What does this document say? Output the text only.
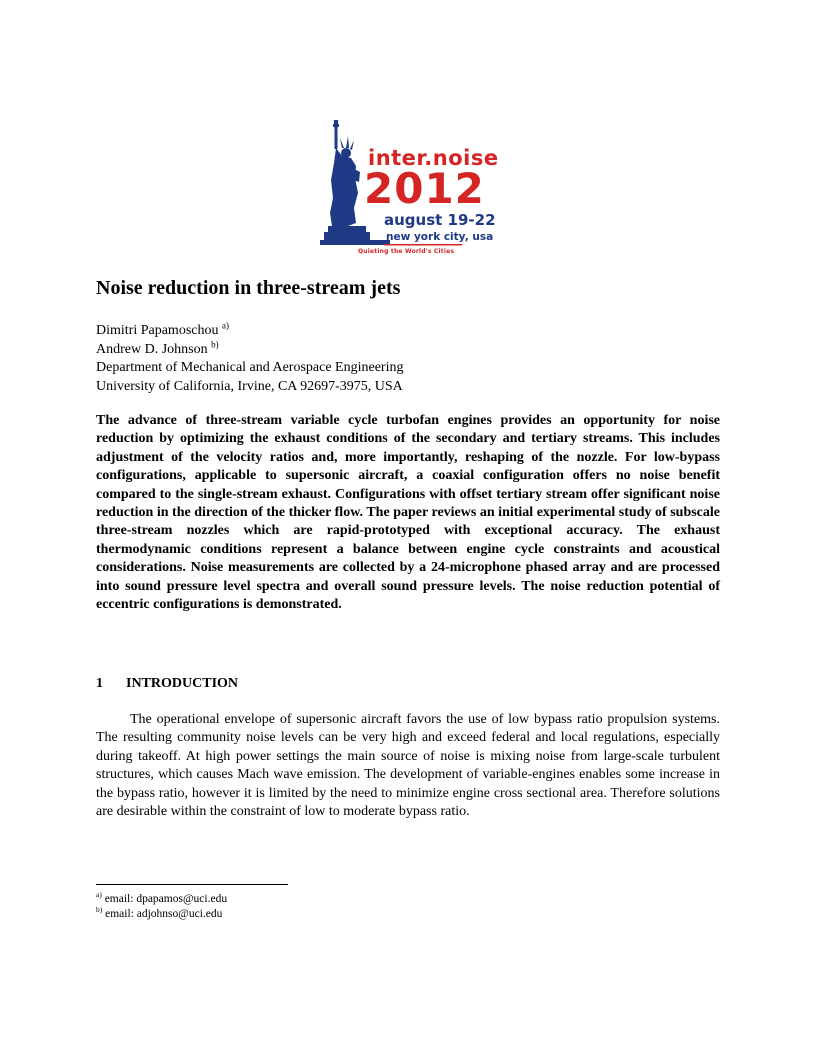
inter.noise
2012
august 19-22
new york city, usa
Quieting the World's Cities
Noise reduction in three-stream jets
Dimitri Papamoschou $^{a)}$
Andrew D. Johnson $^{b)}$
Department of Mechanical and Aerospace Engineering
University of California, Irvine, CA 92697-3975, USA

The advance of three-stream variable cycle turbofan engines provides an opportunity for noise reduction by optimizing the exhaust conditions of the secondary and tertiary streams. This includes adjustment of the velocity ratios and, more importantly, reshaping of the nozzle. For low-bypass configurations, applicable to supersonic aircraft, a coaxial configuration offers no noise benefit compared to the single-stream exhaust. Configurations with offset tertiary stream offer significant noise reduction in the direction of the thicker flow. The paper reviews an initial experimental study of subscale three-stream nozzles which are rapid-prototyped with exceptional accuracy. The exhaust thermodynamic conditions represent a balance between engine cycle constraints and acoustical considerations. Noise measurements are collected by a 24-microphone phased array and are processed into sound pressure level spectra and overall sound pressure levels. The noise reduction potential of eccentric configurations is demonstrated.

1 INTRODUCTION

The operational envelope of supersonic aircraft favors the use of low bypass ratio propulsion systems. The resulting community noise levels can be very high and exceed federal and local regulations, especially during takeoff. At high power settings the main source of noise is mixing noise from large-scale turbulent structures, which causes Mach wave emission. The development of variable-engines enables some increase in the bypass ratio, however it is limited by the need to minimize engine cross sectional area. Therefore solutions are desirable within the constraint of low to moderate bypass ratio.

$^{a)}$ email: dpapamos@uci.edu
$^{b)}$ email: adjohnso@uci.edu
